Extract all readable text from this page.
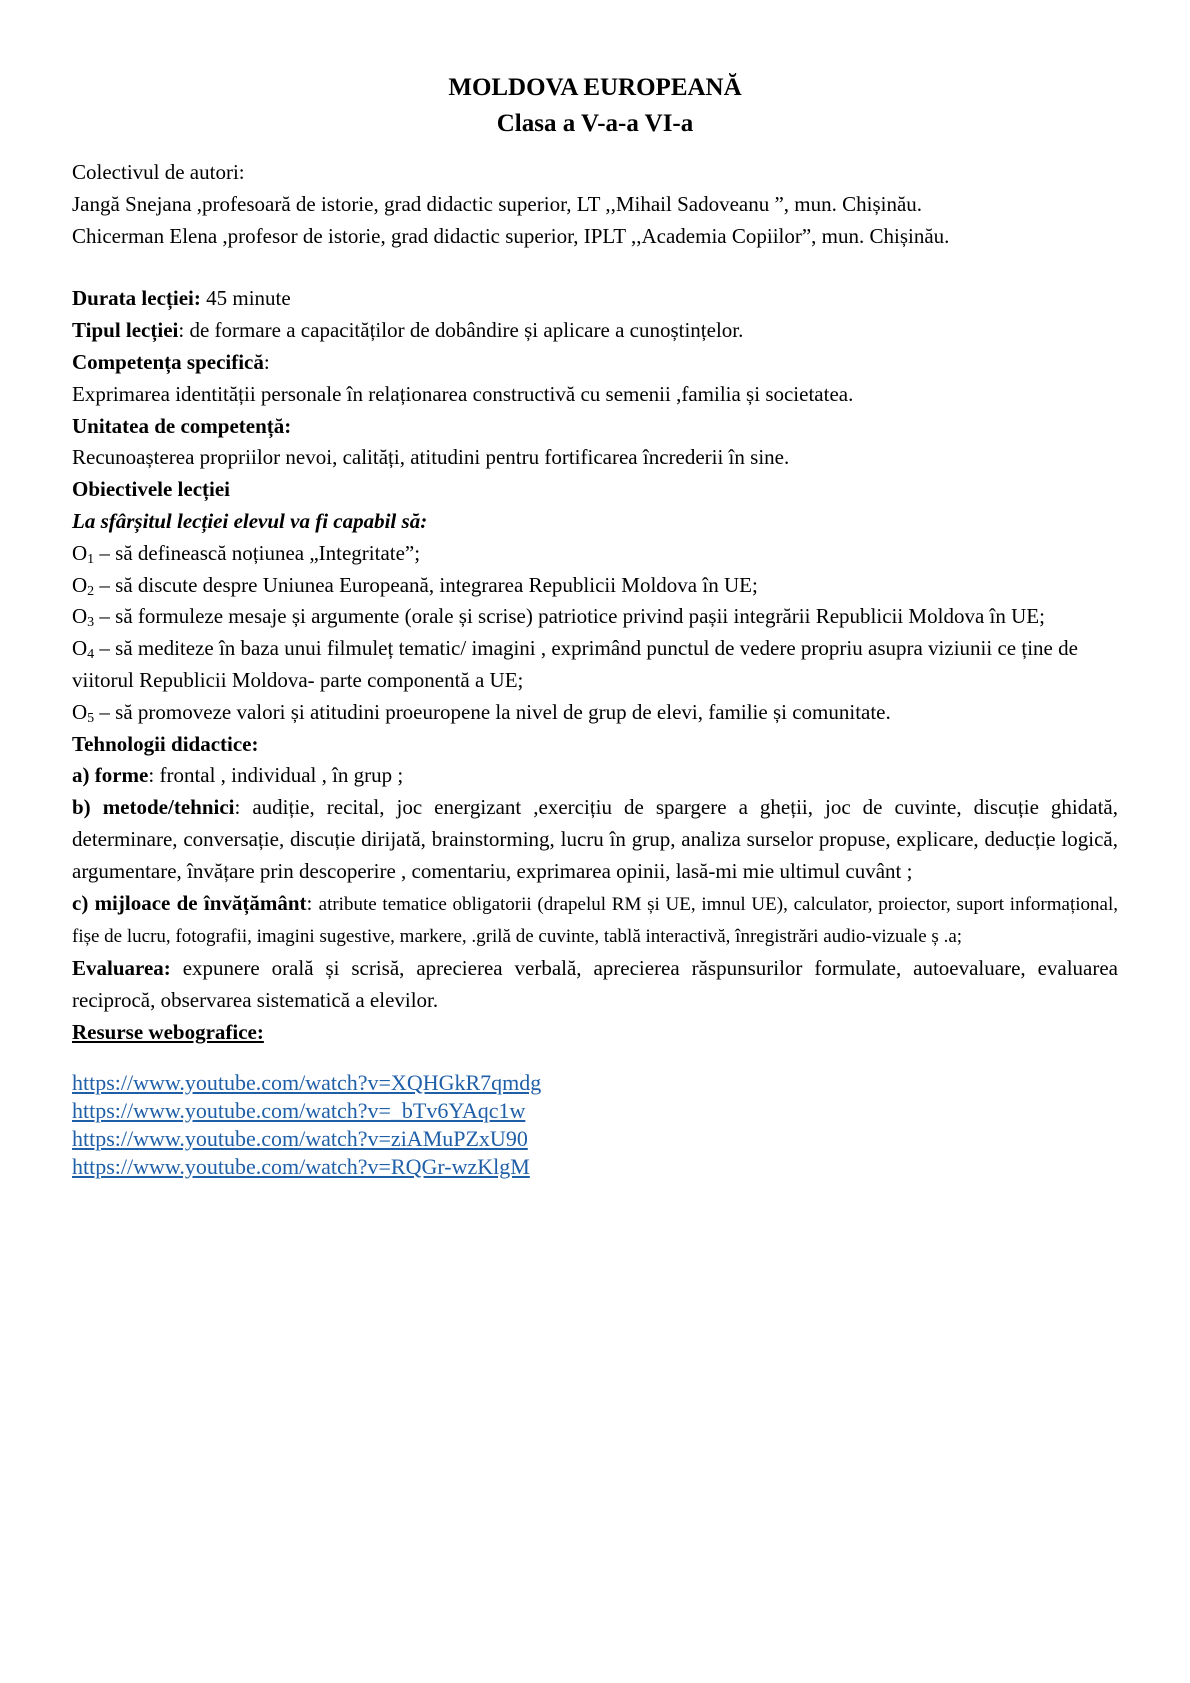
MOLDOVA EUROPEANĂ
Clasa a V-a-a VI-a
Colectivul de autori:
Jangă Snejana ,profesoară de istorie, grad didactic superior, LT ,,Mihail Sadoveanu ”, mun. Chișinău.
Chicerman Elena ,profesor de istorie, grad didactic superior, IPLT ,,Academia Copiilor”, mun. Chișinău.
Durata lecției: 45 minute
Tipul lecției: de formare a capacităților de dobândire și aplicare a cunoștințelor.
Competența specifică:
Exprimarea identității personale în relaționarea constructivă cu semenii ,familia și societatea.
Unitatea de competență:
Recunoașterea propriilor nevoi, calități, atitudini pentru fortificarea încrederii în sine.
Obiectivele lecției
La sfârșitul lecției elevul va fi capabil să:
$O_1$ – să definească noțiunea „Integritate”;
$O_2$ – să discute despre Uniunea Europeană, integrarea Republicii Moldova în UE;
$O_3$ – să formuleze mesaje și argumente (orale și scrise) patriotice privind pașii integrării Republicii Moldova în UE;
$O_4$ – să mediteze în baza unui filmuleț tematic/ imagini , exprimând punctul de vedere propriu asupra viziunii ce ține de viitorul Republicii Moldova- parte componentă a UE;
$O_5$ – să promoveze valori și atitudini proeuropene la nivel de grup de elevi, familie și comunitate.
Tehnologii didactice:
a) forme: frontal , individual , în grup ;
b) metode/tehnici: audiție, recital, joc energizant ,exercițiu de spargere a gheții, joc de cuvinte, discuție ghidată, determinare, conversație, discuție dirijată, brainstorming, lucru în grup, analiza surselor propuse, explicare, deducție logică, argumentare, învățare prin descoperire , comentariu, exprimarea opinii, lasă-mi mie ultimul cuvânt ;
c) mijloace de învățământ: atribute tematice obligatorii (drapelul RM și UE, imnul UE), calculator, proiector, suport informațional, fișe de lucru, fotografii, imagini sugestive, markere, .grilă de cuvinte, tablă interactivă, înregistrări audio-vizuale ș .a;
Evaluarea: expunere orală și scrisă, aprecierea verbală, aprecierea răspunsurilor formulate, autoevaluare, evaluarea reciprocă, observarea sistematică a elevilor.
Resurse webografice:
https://www.youtube.com/watch?v=XQHGkR7qmdg
https://www.youtube.com/watch?v=_bTv6YAqc1w
https://www.youtube.com/watch?v=ziAMuPZxU90
https://www.youtube.com/watch?v=RQGr-wzKlgM
